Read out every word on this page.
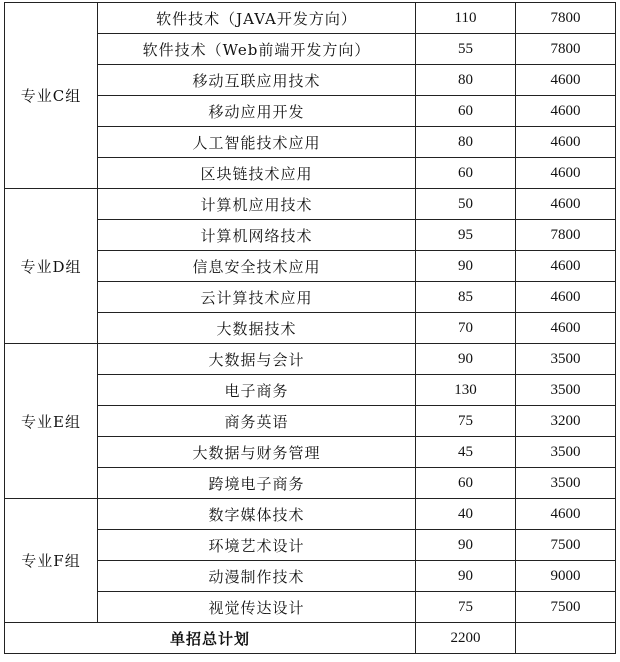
专业C组	软件技术（JAVA开发方向）	110	7800
	软件技术（Web前端开发方向）	55	7800
	移动互联应用技术	80	4600
	移动应用开发	60	4600
	人工智能技术应用	80	4600
	区块链技术应用	60	4600
专业D组	计算机应用技术	50	4600
	计算机网络技术	95	7800
	信息安全技术应用	90	4600
	云计算技术应用	85	4600
	大数据技术	70	4600
专业E组	大数据与会计	90	3500
	电子商务	130	3500
	商务英语	75	3200
	大数据与财务管理	45	3500
	跨境电子商务	60	3500
专业F组	数字媒体技术	40	4600
	环境艺术设计	90	7500
	动漫制作技术	90	9000
	视觉传达设计	75	7500
单招总计划		2200	
